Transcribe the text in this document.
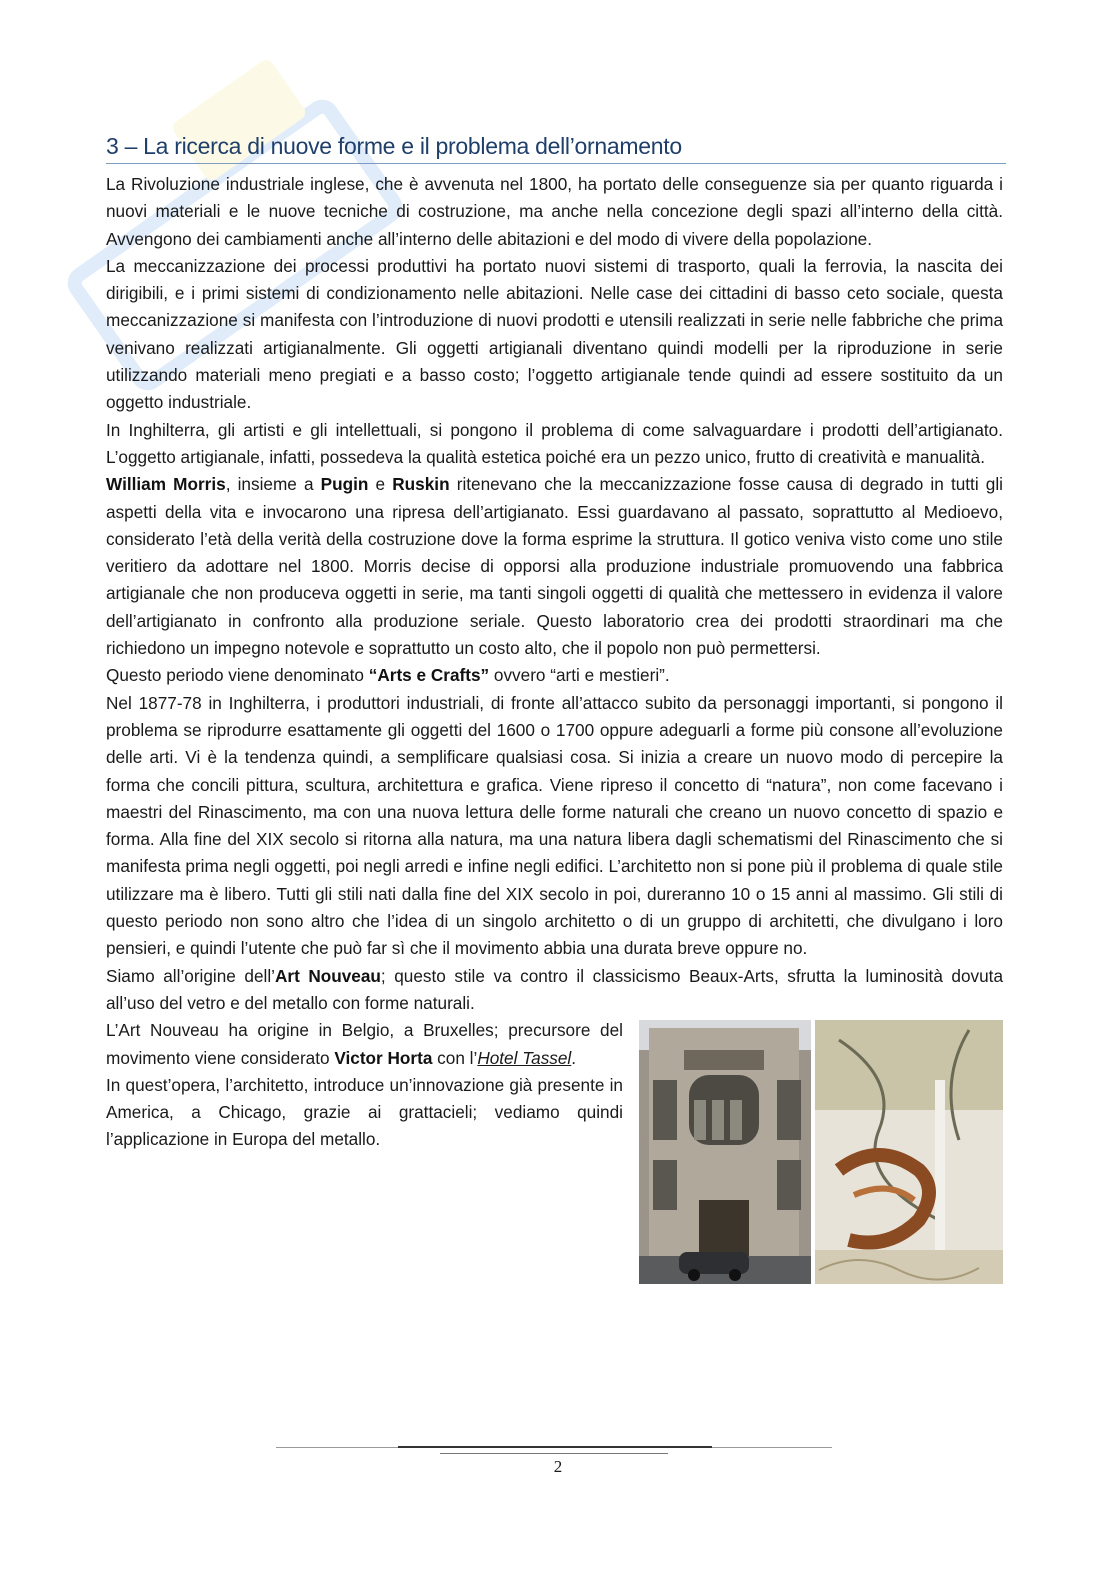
3 – La ricerca di nuove forme e il problema dell’ornamento

La Rivoluzione industriale inglese, che è avvenuta nel 1800, ha portato delle conseguenze sia per quanto riguarda i nuovi materiali e le nuove tecniche di costruzione, ma anche nella concezione degli spazi all’interno della città. Avvengono dei cambiamenti anche all’interno delle abitazioni e del modo di vivere della popolazione.

La meccanizzazione dei processi produttivi ha portato nuovi sistemi di trasporto, quali la ferrovia, la nascita dei dirigibili, e i primi sistemi di condizionamento nelle abitazioni. Nelle case dei cittadini di basso ceto sociale, questa meccanizzazione si manifesta con l’introduzione di nuovi prodotti e utensili realizzati in serie nelle fabbriche che prima venivano realizzati artigianalmente. Gli oggetti artigianali diventano quindi modelli per la riproduzione in serie utilizzando materiali meno pregiati e a basso costo; l’oggetto artigianale tende quindi ad essere sostituito da un oggetto industriale.

In Inghilterra, gli artisti e gli intellettuali, si pongono il problema di come salvaguardare i prodotti dell’artigianato. L’oggetto artigianale, infatti, possedeva la qualità estetica poiché era un pezzo unico, frutto di creatività e manualità.

William Morris, insieme a Pugin e Ruskin ritenevano che la meccanizzazione fosse causa di degrado in tutti gli aspetti della vita e invocarono una ripresa dell’artigianato. Essi guardavano al passato, soprattutto al Medioevo, considerato l’età della verità della costruzione dove la forma esprime la struttura. Il gotico veniva visto come uno stile veritiero da adottare nel 1800. Morris decise di opporsi alla produzione industriale promuovendo una fabbrica artigianale che non produceva oggetti in serie, ma tanti singoli oggetti di qualità che mettessero in evidenza il valore dell’artigianato in confronto alla produzione seriale. Questo laboratorio crea dei prodotti straordinari ma che richiedono un impegno notevole e soprattutto un costo alto, che il popolo non può permettersi.

Questo periodo viene denominato “Arts e Crafts” ovvero “arti e mestieri”.

Nel 1877-78 in Inghilterra, i produttori industriali, di fronte all’attacco subito da personaggi importanti, si pongono il problema se riprodurre esattamente gli oggetti del 1600 o 1700 oppure adeguarli a forme più consone all’evoluzione delle arti. Vi è la tendenza quindi, a semplificare qualsiasi cosa. Si inizia a creare un nuovo modo di percepire la forma che concili pittura, scultura, architettura e grafica. Viene ripreso il concetto di “natura”, non come facevano i maestri del Rinascimento, ma con una nuova lettura delle forme naturali che creano un nuovo concetto di spazio e forma. Alla fine del XIX secolo si ritorna alla natura, ma una natura libera dagli schematismi del Rinascimento che si manifesta prima negli oggetti, poi negli arredi e infine negli edifici. L’architetto non si pone più il problema di quale stile utilizzare ma è libero. Tutti gli stili nati dalla fine del XIX secolo in poi, dureranno 10 o 15 anni al massimo. Gli stili di questo periodo non sono altro che l’idea di un singolo architetto o di un gruppo di architetti, che divulgano i loro pensieri, e quindi l’utente che può far sì che il movimento abbia una durata breve oppure no.

Siamo all’origine dell’Art Nouveau; questo stile va contro il classicismo Beaux-Arts, sfrutta la luminosità dovuta all’uso del vetro e del metallo con forme naturali.

L’Art Nouveau ha origine in Belgio, a Bruxelles; precursore del movimento viene considerato Victor Horta con l’Hotel Tassel.

In quest’opera, l’architetto, introduce un’innovazione già presente in America, a Chicago, grazie ai grattacieli; vediamo quindi l’applicazione in Europa del metallo.

2
